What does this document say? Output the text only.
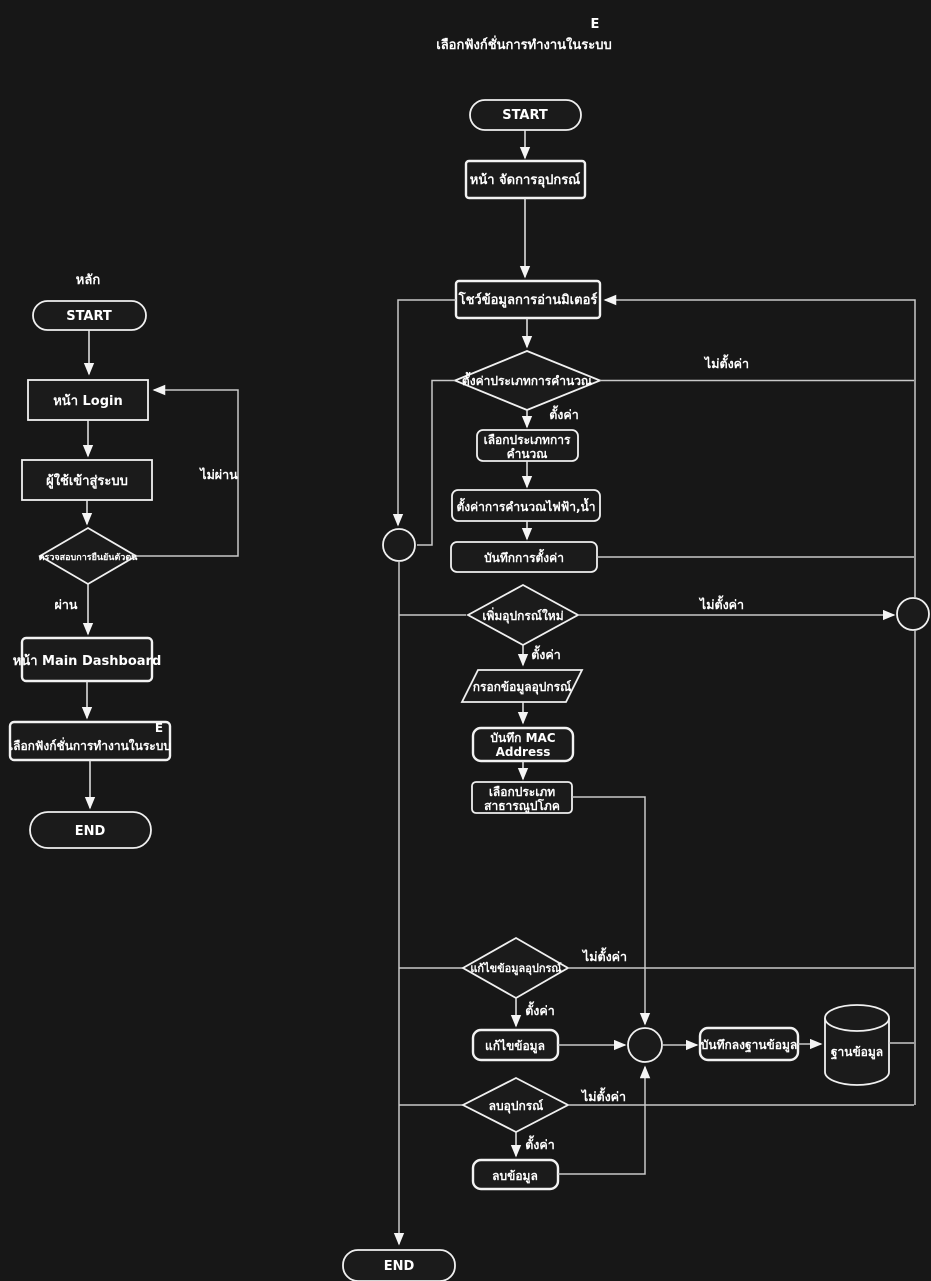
E
เลือกฟังก์ชั่นการทำงานในระบบ
หลัก
START
หน้า Login
ผู้ใช้เข้าสู่ระบบ
ตรวจสอบการยืนยันตัวตน
ผ่าน
ไม่ผ่าน
หน้า Main Dashboard
E
เลือกฟังก์ชั่นการทำงานในระบบ
END
START
หน้า จัดการอุปกรณ์
โชว์ข้อมูลการอ่านมิเตอร์
ตั้งค่าประเภทการคำนวณ
ไม่ตั้งค่า
ตั้งค่า
เลือกประเภทการ
คำนวณ
ตั้งค่าการคำนวณไฟฟ้า,น้ำ
บันทึกการตั้งค่า
เพิ่มอุปกรณ์ใหม่
ไม่ตั้งค่า
ตั้งค่า
กรอกข้อมูลอุปกรณ์
บันทึก MAC
Address
เลือกประเภท
สาธารณูปโภค
แก้ไขข้อมูลอุปกรณ์
ไม่ตั้งค่า
ตั้งค่า
แก้ไขข้อมูล	บันทึกลงฐานข้อมูล	ฐานข้อมูล
ลบอุปกรณ์
ไม่ตั้งค่า
ตั้งค่า
ลบข้อมูล
END
